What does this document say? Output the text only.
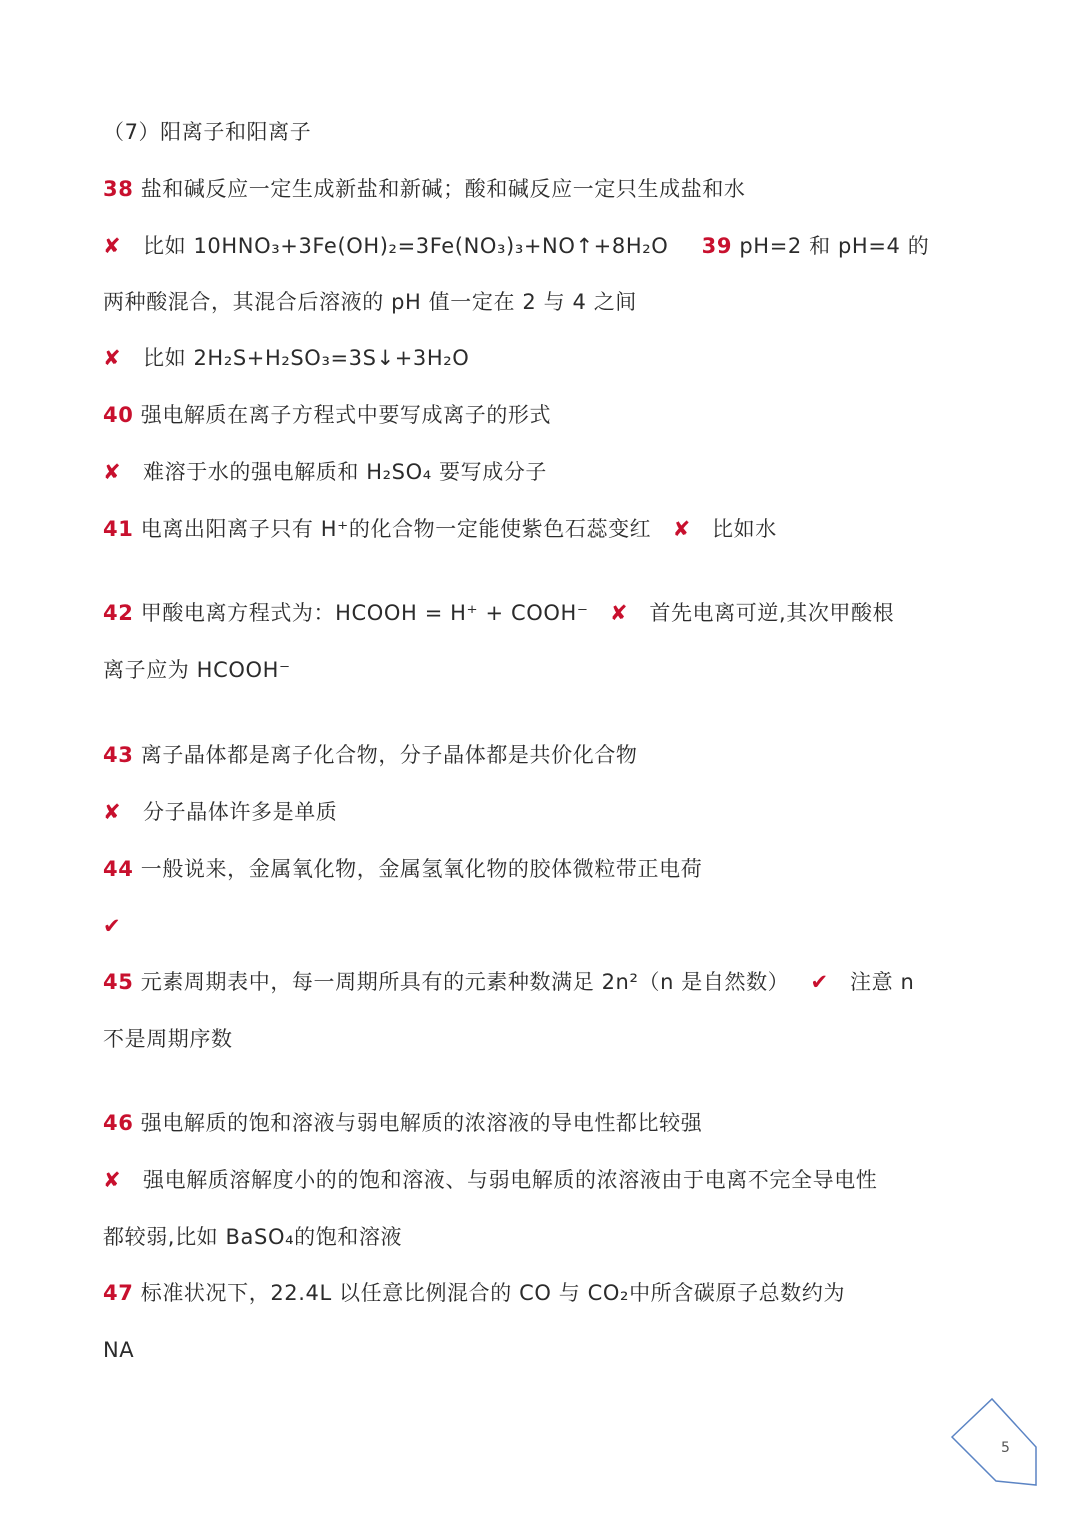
（7）阳离子和阳离子
38 盐和碱反应一定生成新盐和新碱；酸和碱反应一定只生成盐和水
✘ 比如 10HNO₃+3Fe(OH)₂=3Fe(NO₃)₃+NO↑+8H₂O 39 pH=2 和 pH=4 的
两种酸混合，其混合后溶液的 pH 值一定在 2 与 4 之间
✘ 比如 2H₂S+H₂SO₃=3S↓+3H₂O
40 强电解质在离子方程式中要写成离子的形式
✘ 难溶于水的强电解质和 H₂SO₄ 要写成分子
41 电离出阳离子只有 H⁺的化合物一定能使紫色石蕊变红 ✘ 比如水
42 甲酸电离方程式为：HCOOH = H⁺ + COOH⁻ ✘ 首先电离可逆,其次甲酸根
离子应为 HCOOH⁻
43 离子晶体都是离子化合物，分子晶体都是共价化合物
✘ 分子晶体许多是单质
44 一般说来，金属氧化物，金属氢氧化物的胶体微粒带正电荷
✔
45 元素周期表中，每一周期所具有的元素种数满足 2n²（n 是自然数） ✔ 注意 n
不是周期序数
46 强电解质的饱和溶液与弱电解质的浓溶液的导电性都比较强
✘ 强电解质溶解度小的的饱和溶液、与弱电解质的浓溶液由于电离不完全导电性
都较弱,比如 BaSO₄的饱和溶液
47 标准状况下，22.4L 以任意比例混合的 CO 与 CO₂中所含碳原子总数约为
NA
5
